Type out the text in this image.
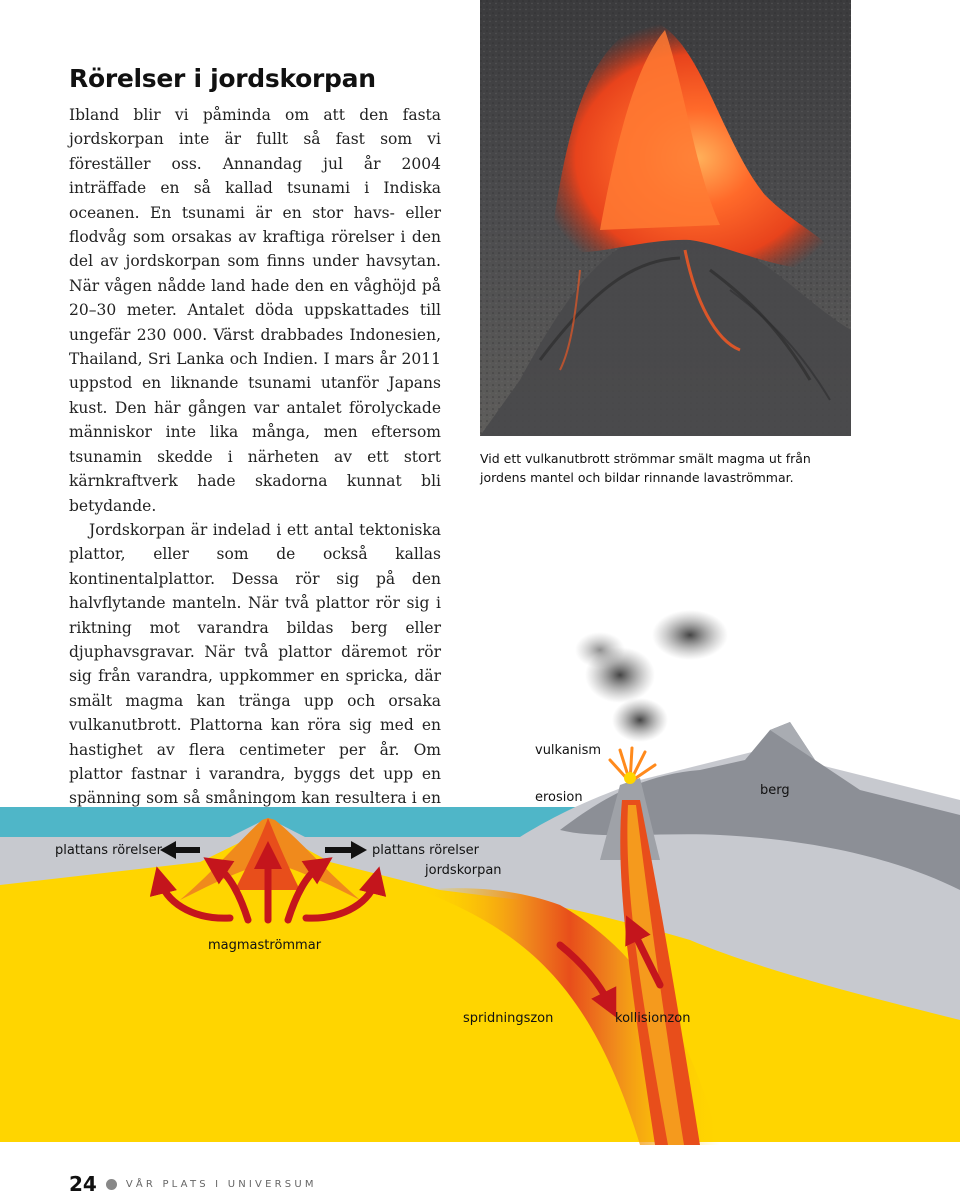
Rörelser i jordskorpan

Ibland blir vi påminda om att den fasta jordskorpan inte är fullt så fast som vi föreställer oss. Annandag jul år 2004 inträffade en så kallad tsunami i Indiska oceanen. En tsunami är en stor havs- eller flodvåg som orsakas av kraftiga rörelser i den del av jordskorpan som finns under havsytan. När vågen nådde land hade den en våghöjd på 20–30 meter. Antalet döda uppskattades till ungefär 230 000. Värst drabbades Indonesien, Thailand, Sri Lanka och Indien. I mars år 2011 uppstod en liknande tsunami utanför Japans kust. Den här gången var antalet förolyckade människor inte lika många, men eftersom tsunamin skedde i närheten av ett stort kärnkraftverk hade skadorna kunnat bli betydande.

Jordskorpan är indelad i ett antal tektoniska plattor, eller som de också kallas kontinentalplattor. Dessa rör sig på den halvflytande manteln. När två plattor rör sig i riktning mot varandra bildas berg eller djuphavsgravar. När två plattor däremot rör sig från varandra, uppkommer en spricka, där smält magma kan tränga upp och orsaka vulkanutbrott. Plattorna kan röra sig med en hastighet av flera centimeter per år. Om plattor fastnar i varandra, byggs det upp en spänning som så småningom kan resultera i en

Vid ett vulkanutbrott strömmar smält magma ut från jordens mantel och bildar rinnande lavaströmmar.
vulkanism
erosion	berg
plattans rörelser	plattans rörelser
jordskorpan
magmaströmmar
spridningszon	kollisionzon
24	VÅR PLATS I UNIVERSUM
